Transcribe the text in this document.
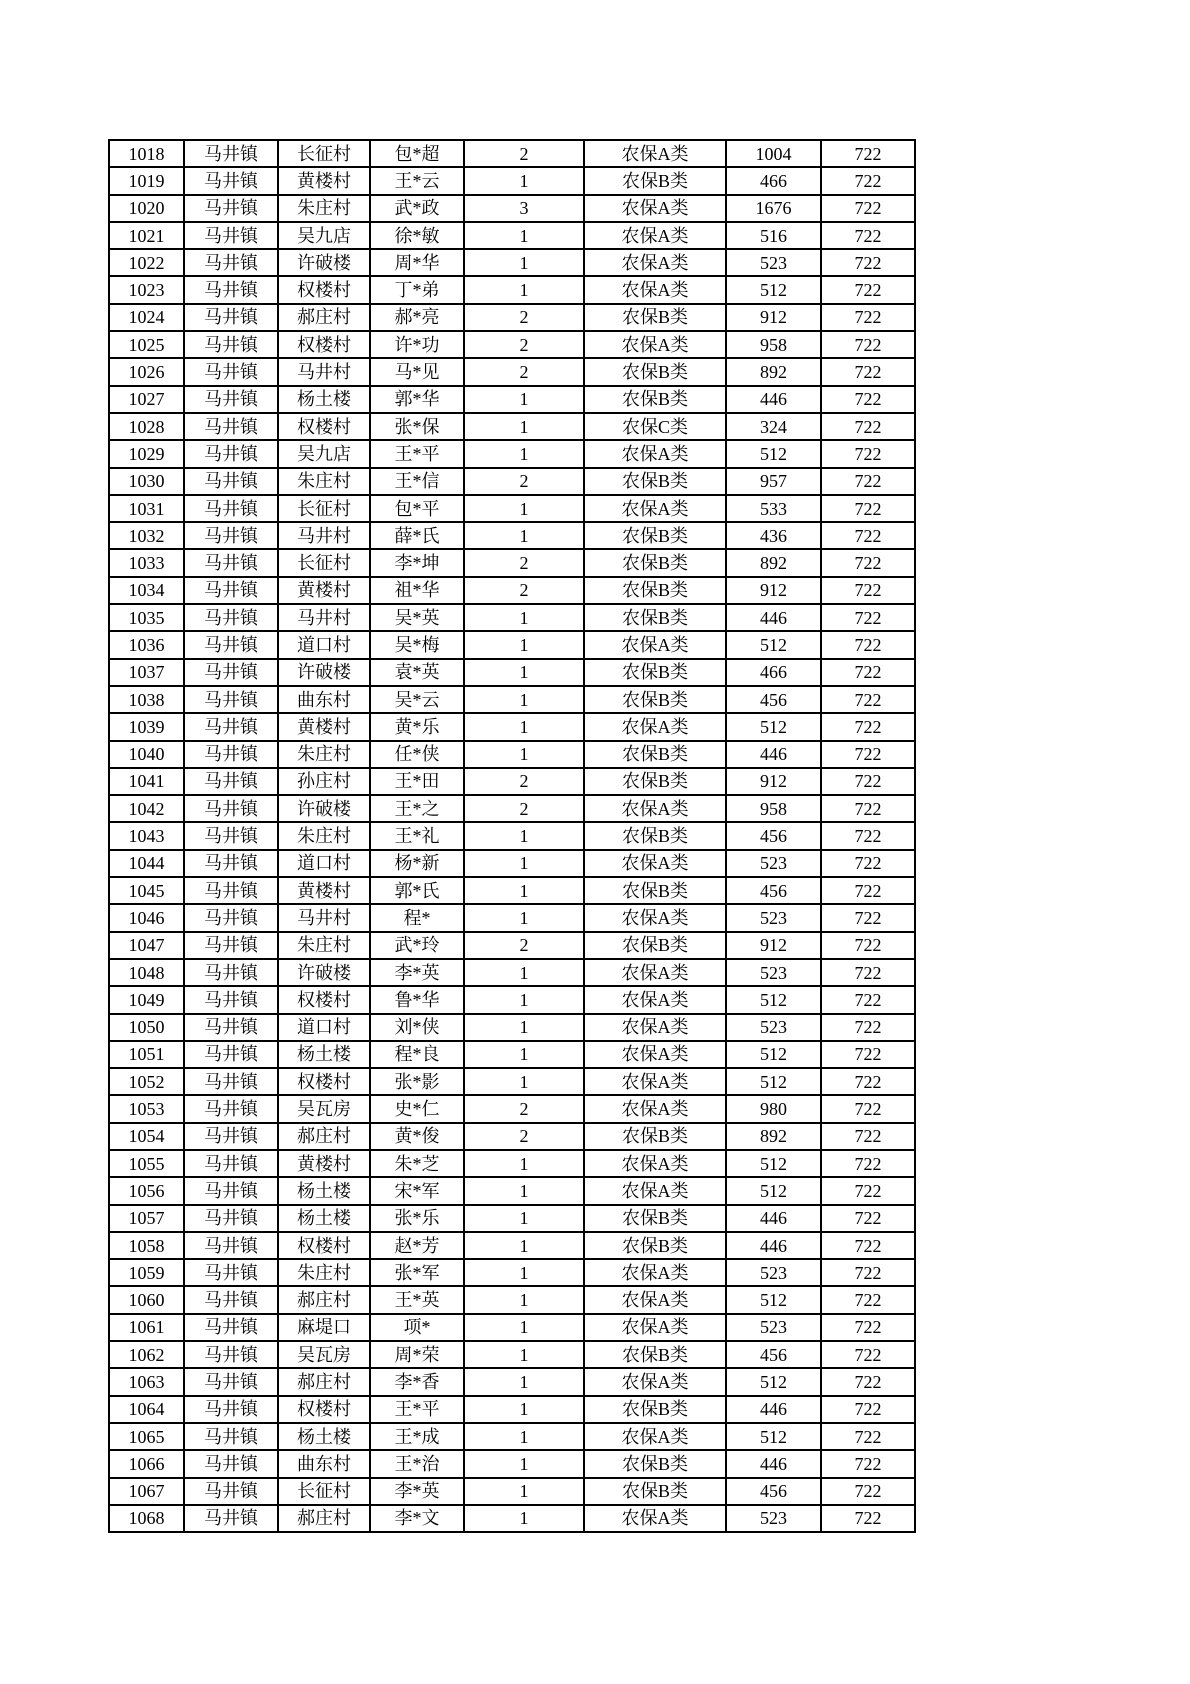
1018	马井镇	长征村	包*超	2	农保A类	1004	722
1019	马井镇	黄楼村	王*云	1	农保B类	466	722
1020	马井镇	朱庄村	武*政	3	农保A类	1676	722
1021	马井镇	吴九店	徐*敏	1	农保A类	516	722
1022	马井镇	许破楼	周*华	1	农保A类	523	722
1023	马井镇	权楼村	丁*弟	1	农保A类	512	722
1024	马井镇	郝庄村	郝*亮	2	农保B类	912	722
1025	马井镇	权楼村	许*功	2	农保A类	958	722
1026	马井镇	马井村	马*见	2	农保B类	892	722
1027	马井镇	杨土楼	郭*华	1	农保B类	446	722
1028	马井镇	权楼村	张*保	1	农保C类	324	722
1029	马井镇	吴九店	王*平	1	农保A类	512	722
1030	马井镇	朱庄村	王*信	2	农保B类	957	722
1031	马井镇	长征村	包*平	1	农保A类	533	722
1032	马井镇	马井村	薛*氏	1	农保B类	436	722
1033	马井镇	长征村	李*坤	2	农保B类	892	722
1034	马井镇	黄楼村	祖*华	2	农保B类	912	722
1035	马井镇	马井村	吴*英	1	农保B类	446	722
1036	马井镇	道口村	吴*梅	1	农保A类	512	722
1037	马井镇	许破楼	袁*英	1	农保B类	466	722
1038	马井镇	曲东村	吴*云	1	农保B类	456	722
1039	马井镇	黄楼村	黄*乐	1	农保A类	512	722
1040	马井镇	朱庄村	任*侠	1	农保B类	446	722
1041	马井镇	孙庄村	王*田	2	农保B类	912	722
1042	马井镇	许破楼	王*之	2	农保A类	958	722
1043	马井镇	朱庄村	王*礼	1	农保B类	456	722
1044	马井镇	道口村	杨*新	1	农保A类	523	722
1045	马井镇	黄楼村	郭*氏	1	农保B类	456	722
1046	马井镇	马井村	程*	1	农保A类	523	722
1047	马井镇	朱庄村	武*玲	2	农保B类	912	722
1048	马井镇	许破楼	李*英	1	农保A类	523	722
1049	马井镇	权楼村	鲁*华	1	农保A类	512	722
1050	马井镇	道口村	刘*侠	1	农保A类	523	722
1051	马井镇	杨土楼	程*良	1	农保A类	512	722
1052	马井镇	权楼村	张*影	1	农保A类	512	722
1053	马井镇	吴瓦房	史*仁	2	农保A类	980	722
1054	马井镇	郝庄村	黄*俊	2	农保B类	892	722
1055	马井镇	黄楼村	朱*芝	1	农保A类	512	722
1056	马井镇	杨土楼	宋*军	1	农保A类	512	722
1057	马井镇	杨土楼	张*乐	1	农保B类	446	722
1058	马井镇	权楼村	赵*芳	1	农保B类	446	722
1059	马井镇	朱庄村	张*军	1	农保A类	523	722
1060	马井镇	郝庄村	王*英	1	农保A类	512	722
1061	马井镇	麻堤口	项*	1	农保A类	523	722
1062	马井镇	吴瓦房	周*荣	1	农保B类	456	722
1063	马井镇	郝庄村	李*香	1	农保A类	512	722
1064	马井镇	权楼村	王*平	1	农保B类	446	722
1065	马井镇	杨土楼	王*成	1	农保A类	512	722
1066	马井镇	曲东村	王*治	1	农保B类	446	722
1067	马井镇	长征村	李*英	1	农保B类	456	722
1068	马井镇	郝庄村	李*文	1	农保A类	523	722
